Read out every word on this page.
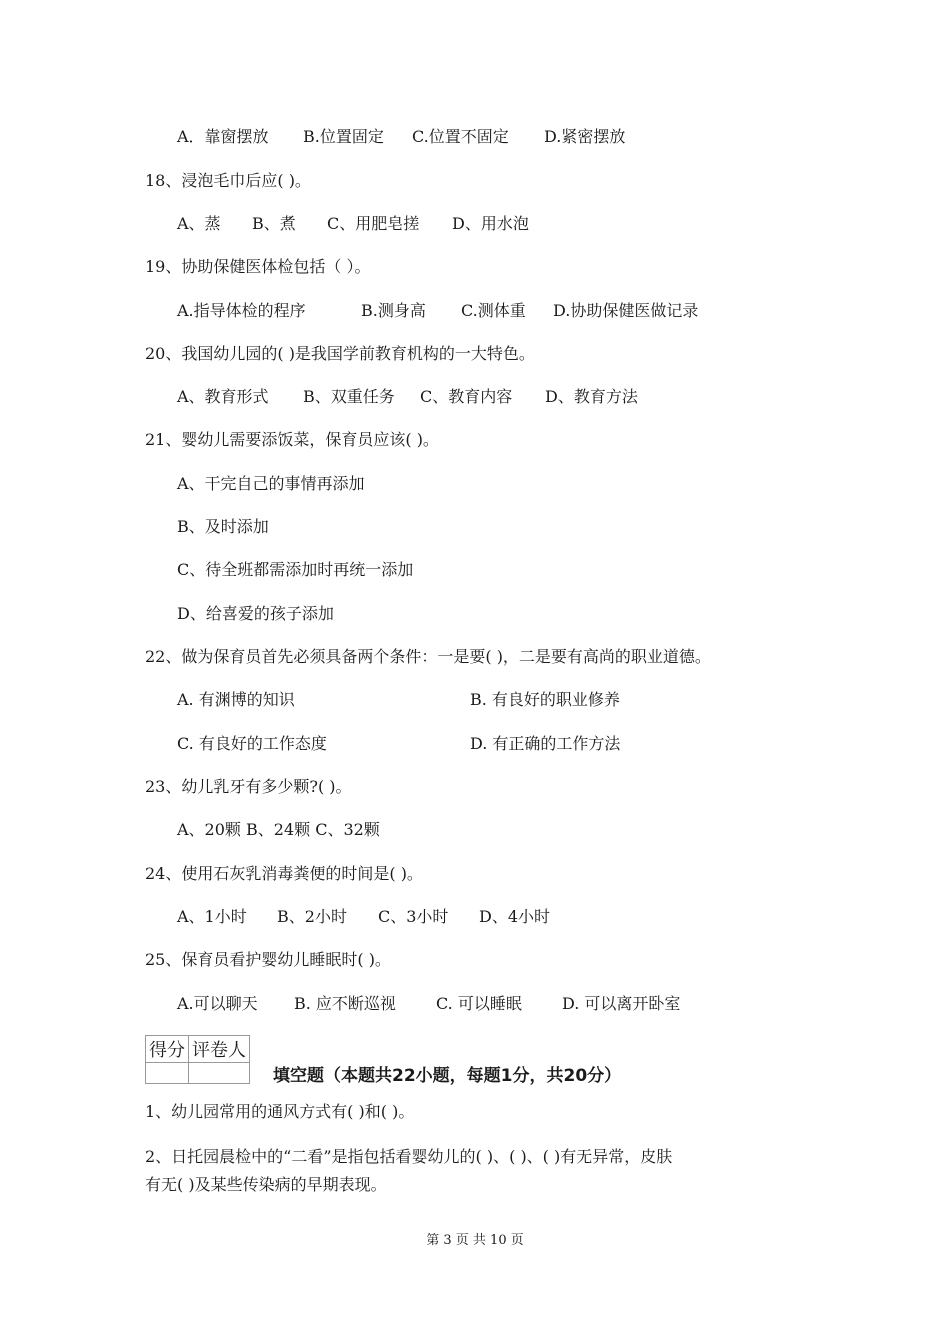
A．靠窗摆放 B.位置固定 C.位置不固定 D.紧密摆放
18、浸泡毛巾后应( )。
A、蒸 B、煮 C、用肥皂搓 D、用水泡
19、协助保健医体检包括（ ）。
A.指导体检的程序	B.测身高 C.测体重 D.协助保健医做记录
20、我国幼儿园的( )是我国学前教育机构的一大特色。
A、教育形式 B、双重任务 C、教育内容 D、教育方法
21、婴幼儿需要添饭菜，保育员应该( )。
A、干完自己的事情再添加
B、及时添加
C、待全班都需添加时再统一添加
D、给喜爱的孩子添加
22、做为保育员首先必须具备两个条件：一是要( )，二是要有高尚的职业道德。
A. 有渊博的知识	B. 有良好的职业修养
C. 有良好的工作态度	D. 有正确的工作方法
23、幼儿乳牙有多少颗?( )。
A、20颗 B、24颗 C、32颗
24、使用石灰乳消毒粪便的时间是( )。
A、1小时 B、2小时 C、3小时 D、4小时
25、保育员看护婴幼儿睡眠时( )。
A.可以聊天 B. 应不断巡视	C. 可以睡眠	D. 可以离开卧室
得分	评卷人

填空题（本题共22小题，每题1分，共20分）
1、幼儿园常用的通风方式有( )和( )。
2、日托园晨检中的“二看”是指包括看婴幼儿的( )、( )、( )有无异常，皮肤
有无( )及某些传染病的早期表现。
第 3 页 共 10 页
